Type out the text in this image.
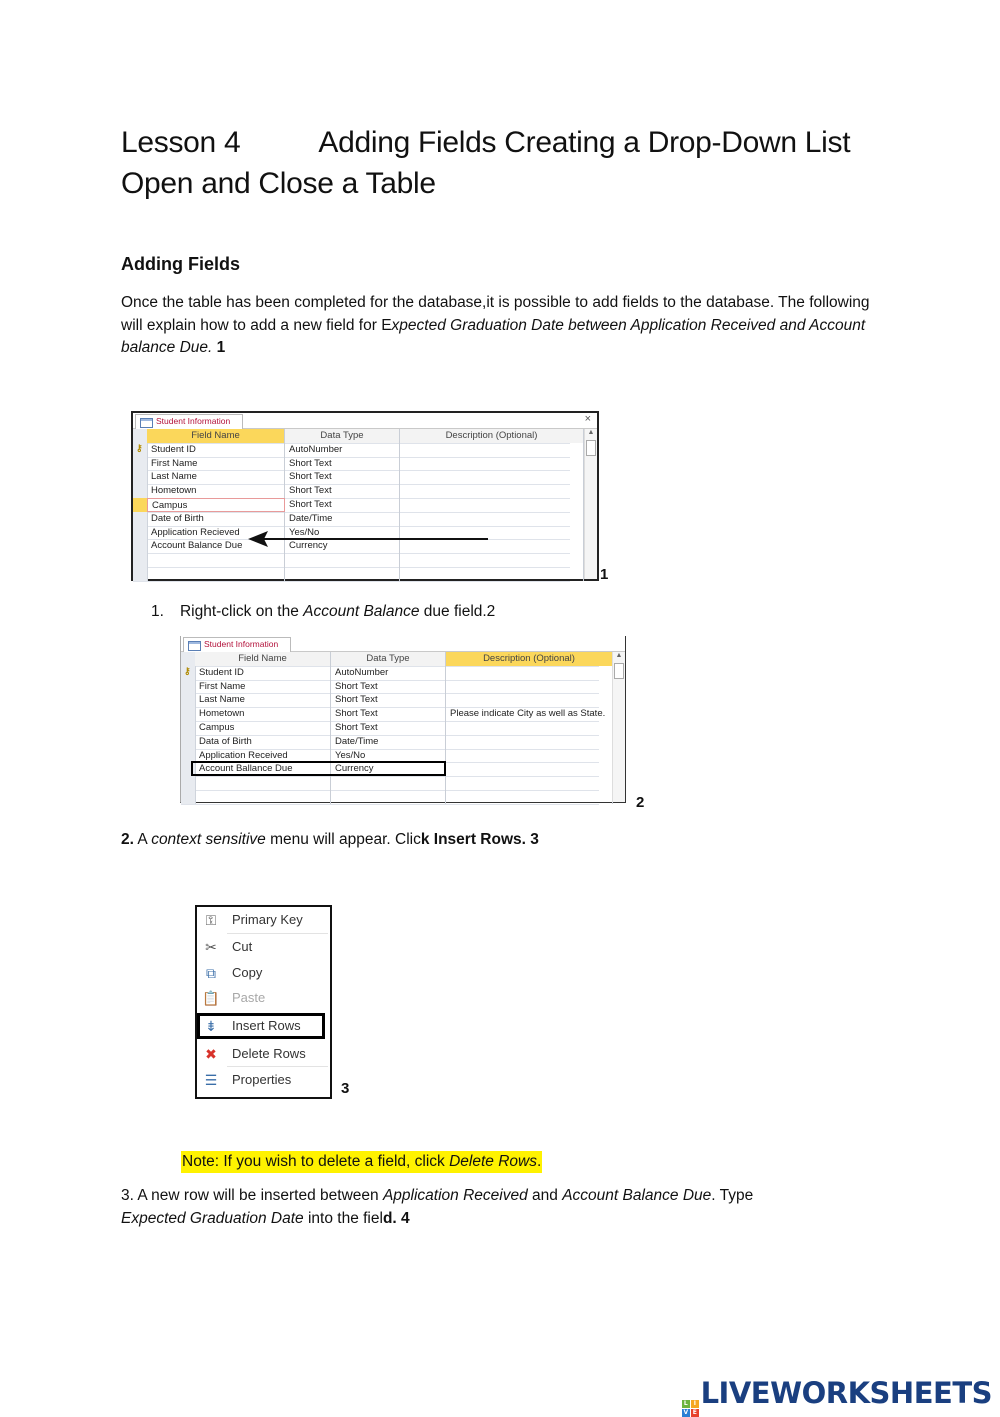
Lesson 4	Adding Fields Creating a Drop-Down List
Open and Close a Table
Adding Fields
Once the table has been completed for the database,it is possible to add fields to the database. The following will explain how to add a new field for Expected Graduation Date between Application Received and Account balance Due. 1
Student Information	×
Field Name	Data Type	Description (Optional)
⚷ Student ID	AutoNumber
First Name	Short Text
Last Name	Short Text
Hometown	Short Text
Campus	Short Text
Date of Birth	Date/Time
Application Recieved	Yes/No
Account Balance Due	Currency
▲
1
1. Right-click on the Account Balance due field.2
Student Information
Field Name	Data Type	Description (Optional)
⚷ Student ID	AutoNumber
First Name	Short Text
Last Name	Short Text
Hometown	Short Text	Please indicate City as well as State.
Campus	Short Text
Data of Birth	Date/Time
Application Received	Yes/No
Account Ballance Due	Currency
▲
2
2. A context sensitive menu will appear. Click Insert Rows. 3
⚿ Primary Key
✂ Cut
⧉	Copy
📋 Paste
⇟ Insert Rows
✖ Delete Rows
☰ Properties
3
Note: If you wish to delete a field, click Delete Rows.
3. A new row will be inserted between Application Received and Account Balance Due. Type
Expected Graduation Date into the field. 4
L	I
V E
LIVEWORKSHEETS
